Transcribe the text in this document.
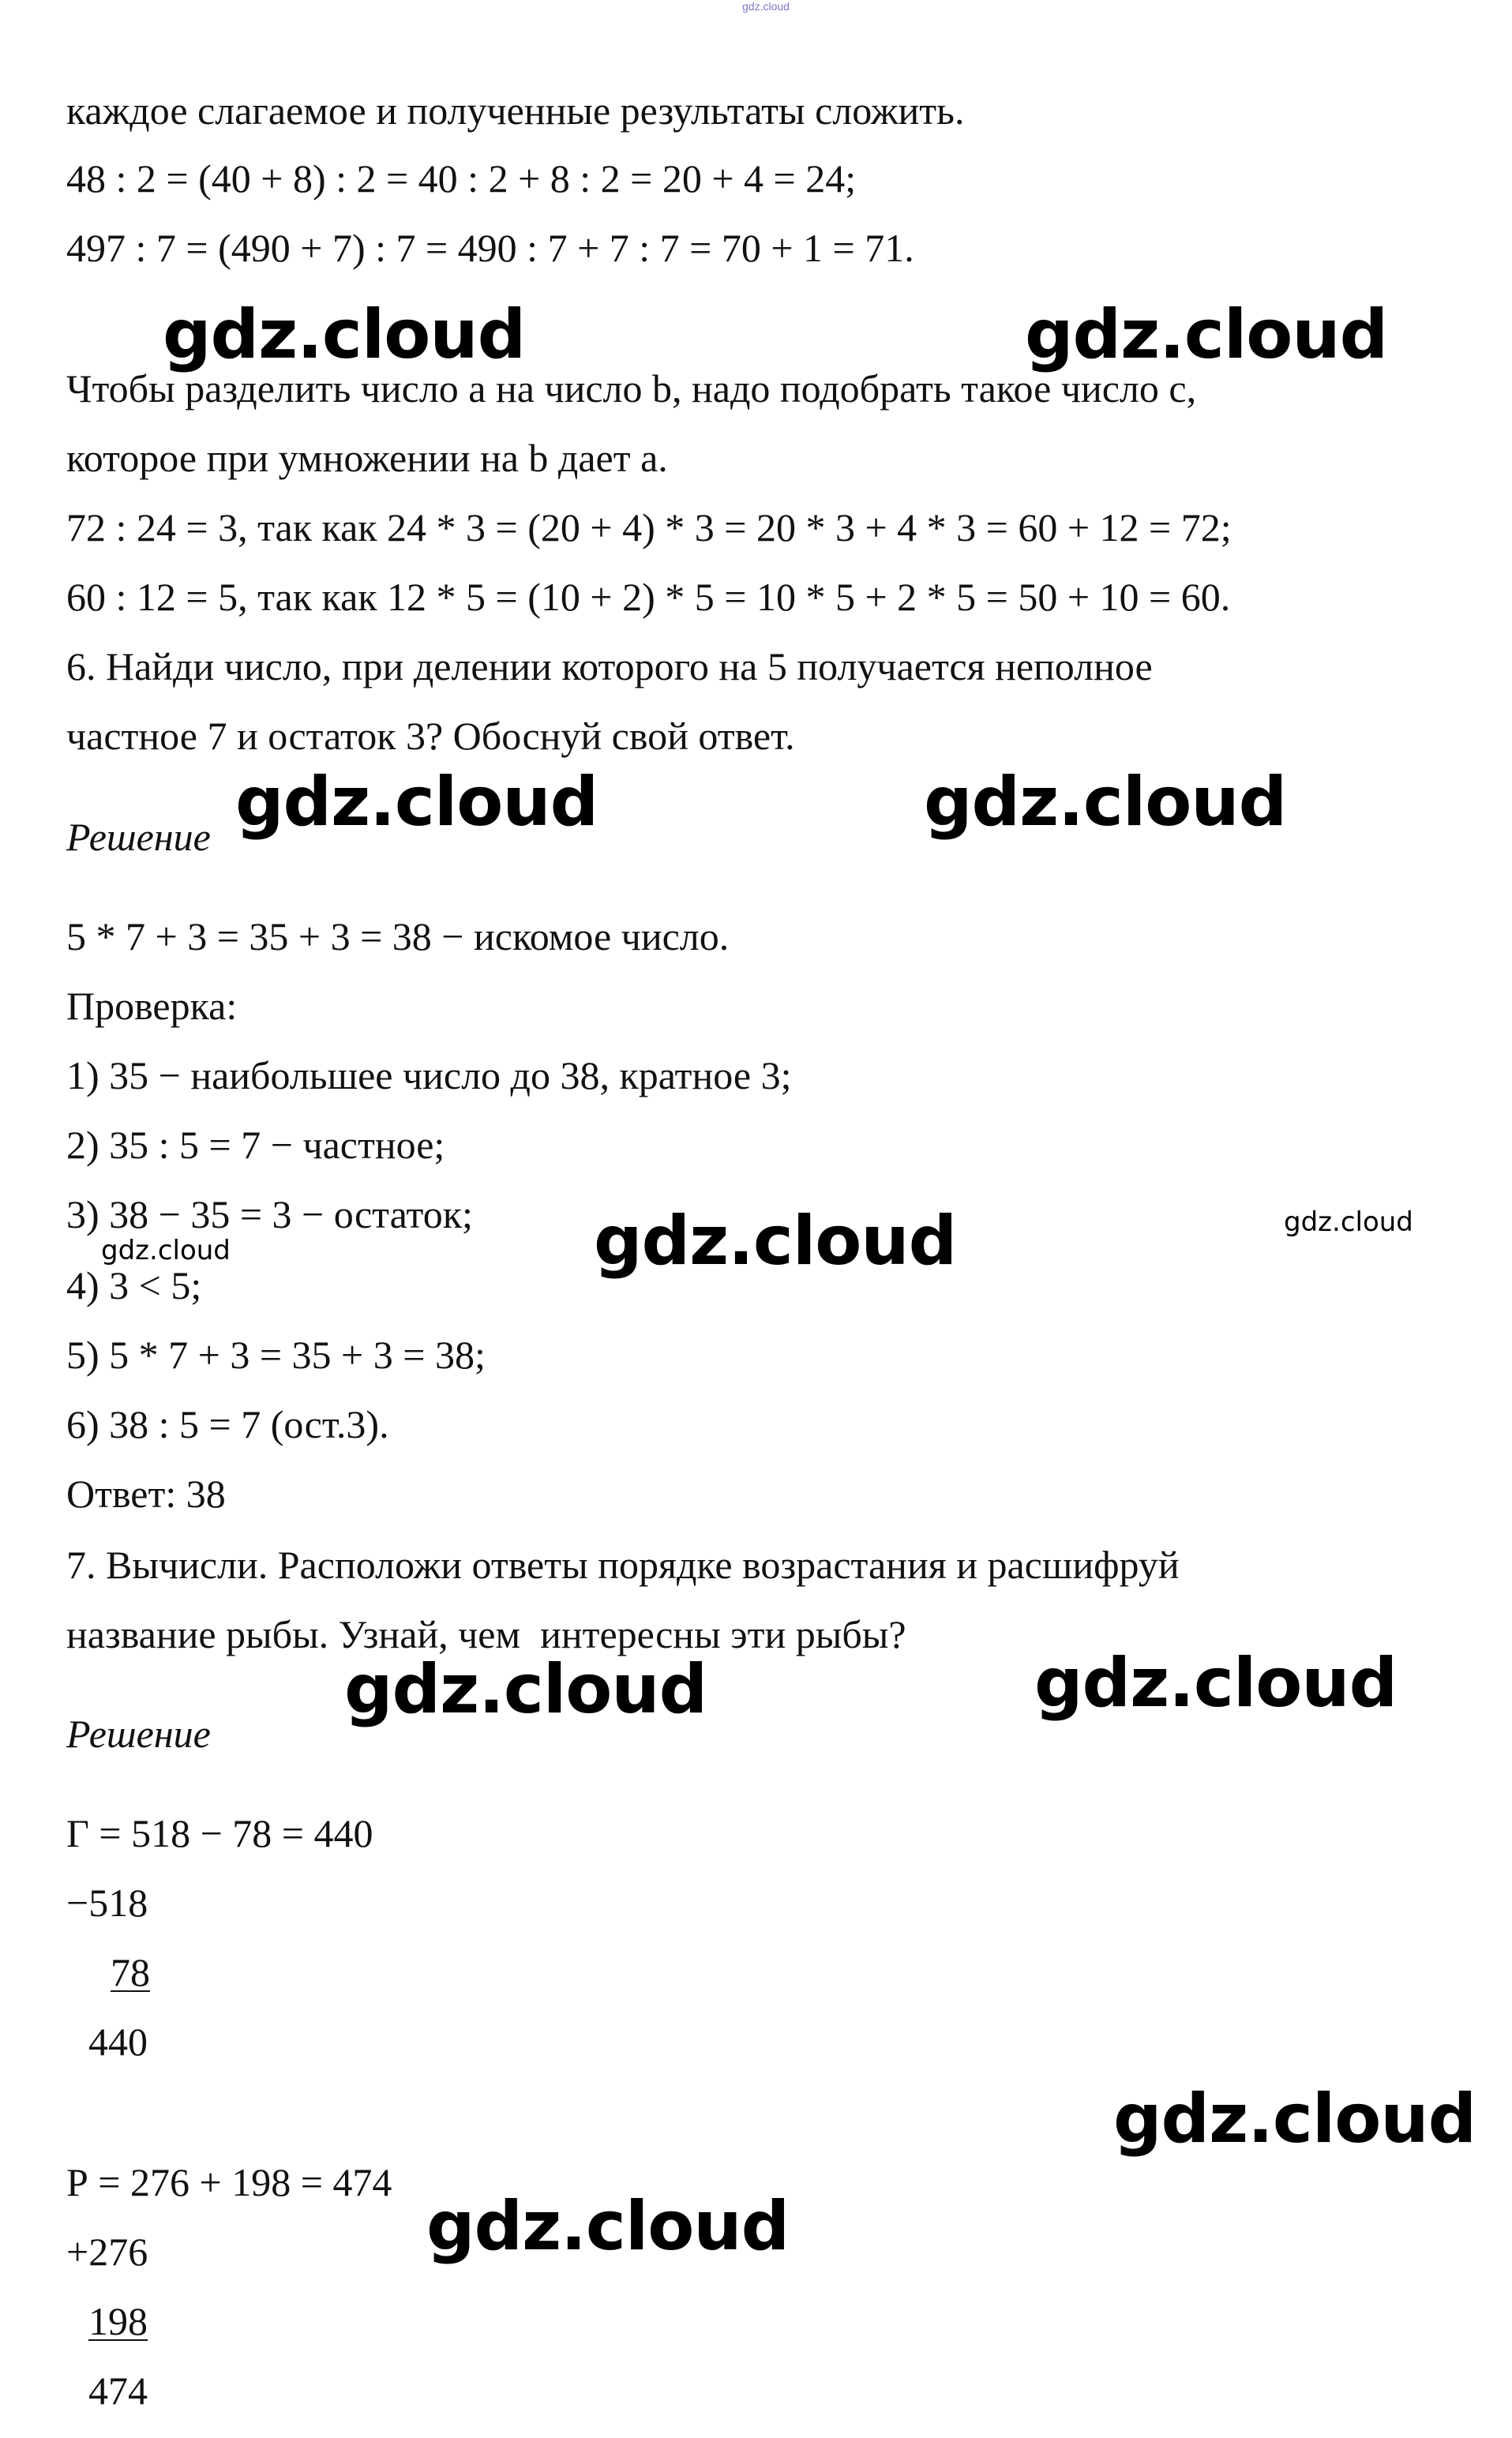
gdz.cloud
каждое слагаемое и полученные результаты сложить.
48 : 2 = (40 + 8) : 2 = 40 : 2 + 8 : 2 = 20 + 4 = 24;
497 : 7 = (490 + 7) : 7 = 490 : 7 + 7 : 7 = 70 + 1 = 71.
Чтобы разделить число a на число b, надо подобрать такое число c,
которое при умножении на b дает a.
72 : 24 = 3, так как 24 * 3 = (20 + 4) * 3 = 20 * 3 + 4 * 3 = 60 + 12 = 72;
60 : 12 = 5, так как 12 * 5 = (10 + 2) * 5 = 10 * 5 + 2 * 5 = 50 + 10 = 60.
6. Найди число, при делении которого на 5 получается неполное
частное 7 и остаток 3? Обоснуй свой ответ.
Решение
5 * 7 + 3 = 35 + 3 = 38 − искомое число.
Проверка:
1) 35 − наибольшее число до 38, кратное 3;
2) 35 : 5 = 7 − частное;
3) 38 − 35 = 3 − остаток;
4) 3 < 5;
5) 5 * 7 + 3 = 35 + 3 = 38;
6) 38 : 5 = 7 (ост.3).
Ответ: 38
7. Вычисли. Расположи ответы порядке возрастания и расшифруй
название рыбы. Узнай, чем  интересны эти рыбы?
Решение
Г = 518 − 78 = 440
−518
78
440
Р = 276 + 198 = 474
+276
198
474
gdz.cloud	gdz.cloud
gdz.cloud	gdz.cloud
gdz.cloud	gdz.cloud
gdz.cloud
gdz.cloud	gdz.cloud
gdz.cloud
gdz.cloud
